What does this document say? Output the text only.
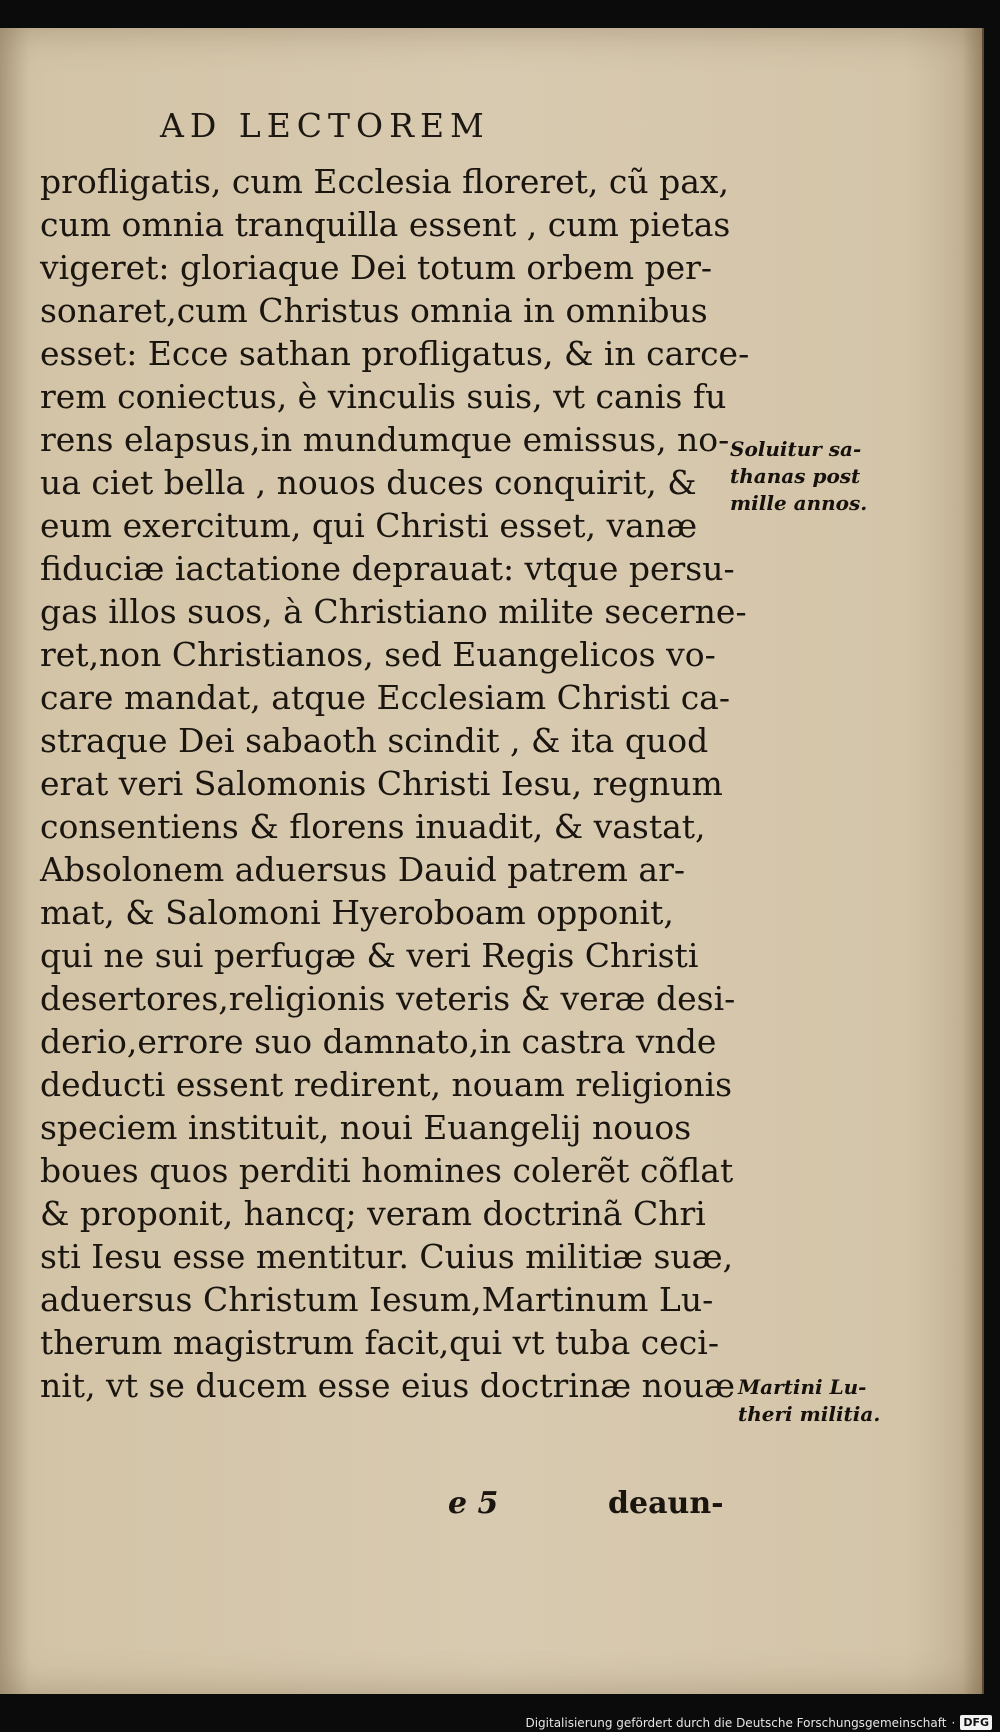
AD LECTOREM
profligatis, cum Ecclesia floreret, cũ pax,
cum omnia tranquilla essent , cum pietas
vigeret: gloriaque Dei totum orbem per-
sonaret,cum Christus omnia in omnibus
esset: Ecce sathan profligatus, & in carce-
rem coniectus, è vinculis suis, vt canis fu
rens elapsus,in mundumque emissus, no-
ua ciet bella , nouos duces conquirit, &
eum exercitum, qui Christi esset, vanæ
fiduciæ iactatione deprauat: vtque persu-
gas illos suos, à Christiano milite secerne-
ret,non Christianos, sed Euangelicos vo-
care mandat, atque Ecclesiam Christi ca-
straque Dei sabaoth scindit , & ita quod
erat veri Salomonis Christi Iesu, regnum
consentiens & florens inuadit, & vastat,
Absolonem aduersus Dauid patrem ar-
mat, & Salomoni Hyeroboam opponit,
qui ne sui perfugæ & veri Regis Christi
desertores,religionis veteris & veræ desi-
derio,errore suo damnato,in castra vnde
deducti essent redirent, nouam religionis
speciem instituit, noui Euangelij nouos
boues quos perditi homines colerẽt cõflat
& proponit, hancq; veram doctrinã Chri
sti Iesu esse mentitur. Cuius militiæ suæ,
aduersus Christum Iesum,Martinum Lu-
therum magistrum facit,qui vt tuba ceci-
nit, vt se ducem esse eius doctrinæ nouæ
Soluitur sa-
thanas post
mille annos.
Martini Lu-
theri militia.
e 5	deaun-
Digitalisierung gefördert durch die Deutsche Forschungsgemeinschaft · DFG
